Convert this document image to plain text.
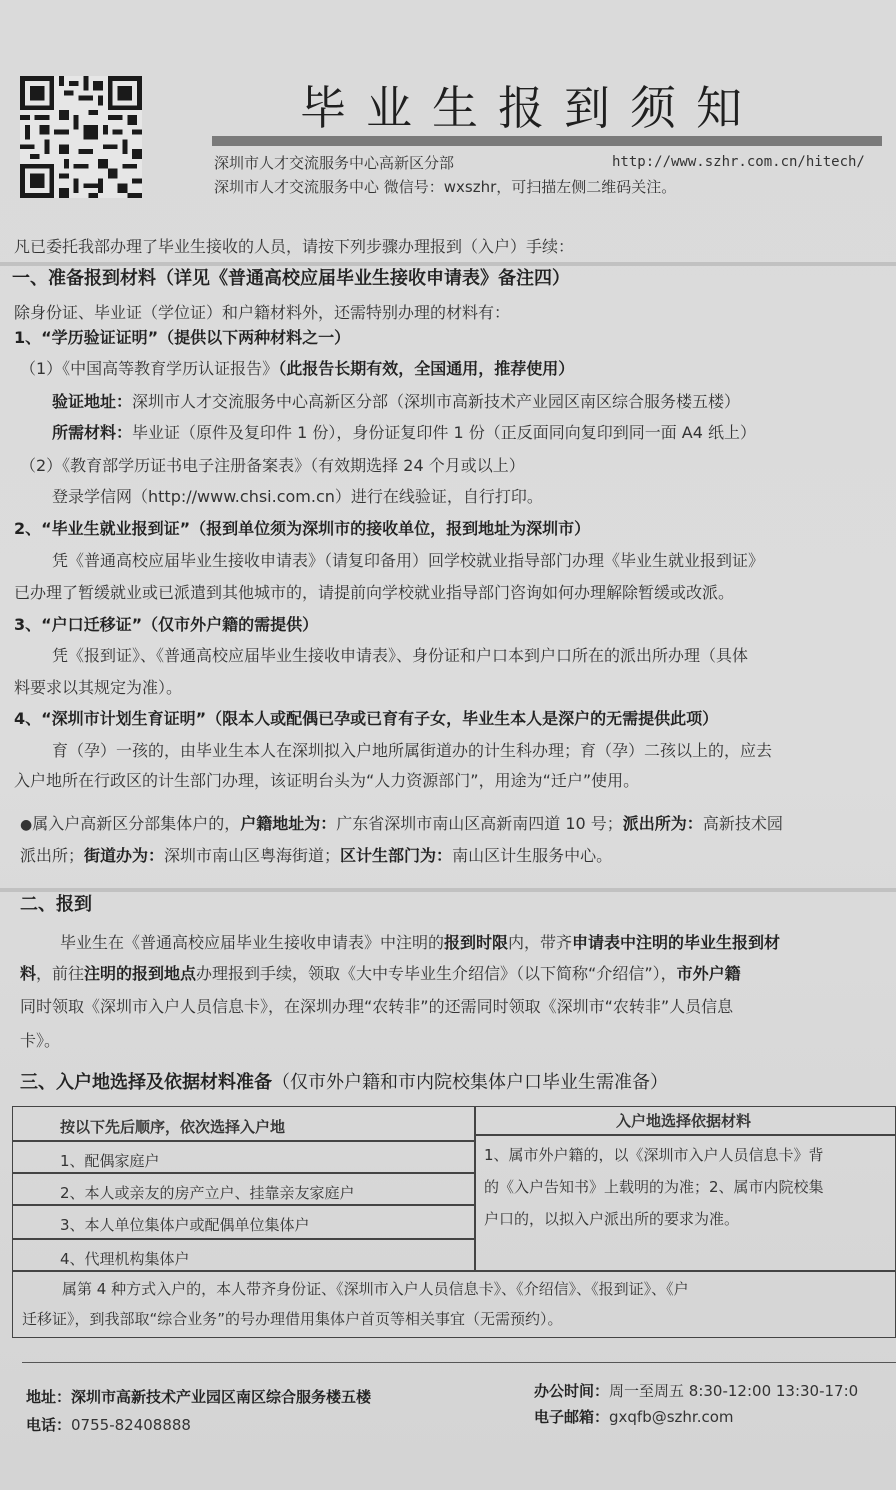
毕业生报到须知
深圳市人才交流服务中心高新区分部	http://www.szhr.com.cn/hitech/
深圳市人才交流服务中心 微信号：wxszhr，可扫描左侧二维码关注。
凡已委托我部办理了毕业生接收的人员，请按下列步骤办理报到（入户）手续：
一、准备报到材料（详见《普通高校应届毕业生接收申请表》备注四）
除身份证、毕业证（学位证）和户籍材料外，还需特别办理的材料有：
1、“学历验证证明”（提供以下两种材料之一）
（1）《中国高等教育学历认证报告》（此报告长期有效，全国通用，推荐使用）
验证地址：深圳市人才交流服务中心高新区分部（深圳市高新技术产业园区南区综合服务楼五楼）
所需材料：毕业证（原件及复印件 1 份），身份证复印件 1 份（正反面同向复印到同一面 A4 纸上）
（2）《教育部学历证书电子注册备案表》（有效期选择 24 个月或以上）
登录学信网（http://www.chsi.com.cn）进行在线验证，自行打印。
2、“毕业生就业报到证”（报到单位须为深圳市的接收单位，报到地址为深圳市）
凭《普通高校应届毕业生接收申请表》（请复印备用）回学校就业指导部门办理《毕业生就业报到证》
已办理了暂缓就业或已派遣到其他城市的，请提前向学校就业指导部门咨询如何办理解除暂缓或改派。
3、“户口迁移证”（仅市外户籍的需提供）
凭《报到证》、《普通高校应届毕业生接收申请表》、身份证和户口本到户口所在的派出所办理（具体
料要求以其规定为准）。
4、“深圳市计划生育证明”（限本人或配偶已孕或已育有子女，毕业生本人是深户的无需提供此项）
育（孕）一孩的，由毕业生本人在深圳拟入户地所属街道办的计生科办理；育（孕）二孩以上的，应去
入户地所在行政区的计生部门办理，该证明台头为“人力资源部门”，用途为“迁户”使用。
●属入户高新区分部集体户的，户籍地址为：广东省深圳市南山区高新南四道 10 号；派出所为：高新技术园
派出所；街道办为：深圳市南山区粤海街道；区计生部门为：南山区计生服务中心。
二、报到
毕业生在《普通高校应届毕业生接收申请表》中注明的报到时限内，带齐申请表中注明的毕业生报到材
料，前往注明的报到地点办理报到手续，领取《大中专毕业生介绍信》（以下简称“介绍信”），市外户籍
同时领取《深圳市入户人员信息卡》，在深圳办理“农转非”的还需同时领取《深圳市“农转非”人员信息
卡》。
三、入户地选择及依据材料准备（仅市外户籍和市内院校集体户口毕业生需准备）
按以下先后顺序，依次选择入户地	入户地选择依据材料
1、配偶家庭户
2、本人或亲友的房产立户、挂靠亲友家庭户
3、本人单位集体户或配偶单位集体户
4、代理机构集体户
1、属市外户籍的，以《深圳市入户人员信息卡》背
的《入户告知书》上载明的为准；2、属市内院校集
户口的，以拟入户派出所的要求为准。
属第 4 种方式入户的，本人带齐身份证、《深圳市入户人员信息卡》、《介绍信》、《报到证》、《户
迁移证》，到我部取“综合业务”的号办理借用集体户首页等相关事宜（无需预约）。
地址：深圳市高新技术产业园区南区综合服务楼五楼
电话：0755-82408888
办公时间：周一至周五 8:30-12:00 13:30-17:0
电子邮箱：gxqfb@szhr.com
